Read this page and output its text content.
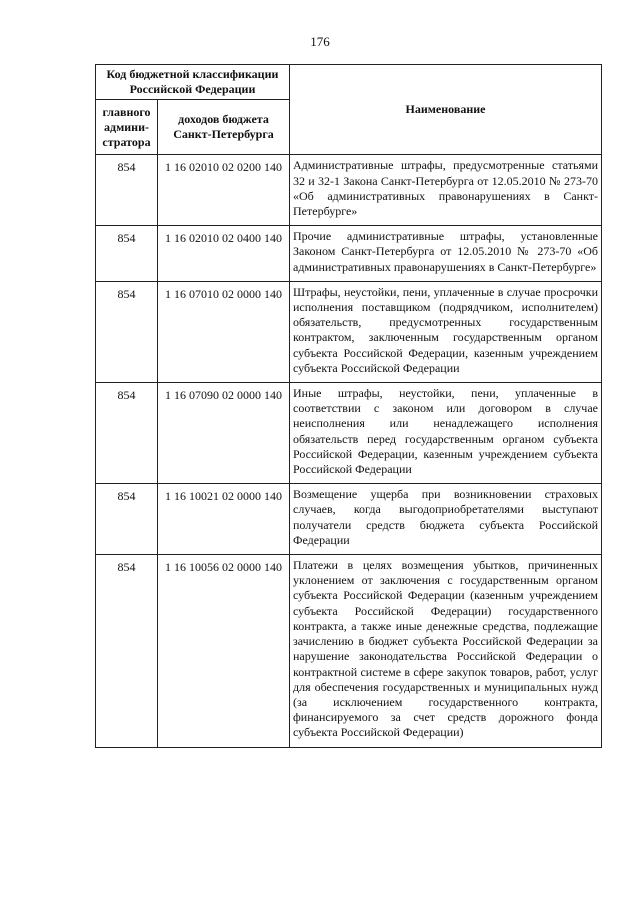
176
Код бюджетной классификации Российской Федерации		Наименование
главного админи-стратора	доходов бюджета Санкт-Петербурга	
854	1 16 02010 02 0200 140	Административные штрафы, предусмотренные статьями 32 и 32-1 Закона Санкт-Петербурга от 12.05.2010 № 273-70 «Об административных правонарушениях в Санкт-Петербурге»
854	1 16 02010 02 0400 140	Прочие административные штрафы, установленные Законом Санкт-Петербурга от 12.05.2010 № 273-70 «Об административных правонарушениях в Санкт-Петербурге»
854	1 16 07010 02 0000 140	Штрафы, неустойки, пени, уплаченные в случае просрочки исполнения поставщиком (подрядчиком, исполнителем) обязательств, предусмотренных государственным контрактом, заключенным государственным органом субъекта Российской Федерации, казенным учреждением субъекта Российской Федерации
854	1 16 07090 02 0000 140	Иные штрафы, неустойки, пени, уплаченные в соответствии с законом или договором в случае неисполнения или ненадлежащего исполнения обязательств перед государственным органом субъекта Российской Федерации, казенным учреждением субъекта Российской Федерации
854	1 16 10021 02 0000 140	Возмещение ущерба при возникновении страховых случаев, когда выгодоприобретателями выступают получатели средств бюджета субъекта Российской Федерации
854	1 16 10056 02 0000 140	Платежи в целях возмещения убытков, причиненных уклонением от заключения с государственным органом субъекта Российской Федерации (казенным учреждением субъекта Российской Федерации) государственного контракта, а также иные денежные средства, подлежащие зачислению в бюджет субъекта Российской Федерации за нарушение законодательства Российской Федерации о контрактной системе в сфере закупок товаров, работ, услуг для обеспечения государственных и муниципальных нужд (за исключением государственного контракта, финансируемого за счет средств дорожного фонда субъекта Российской Федерации)
